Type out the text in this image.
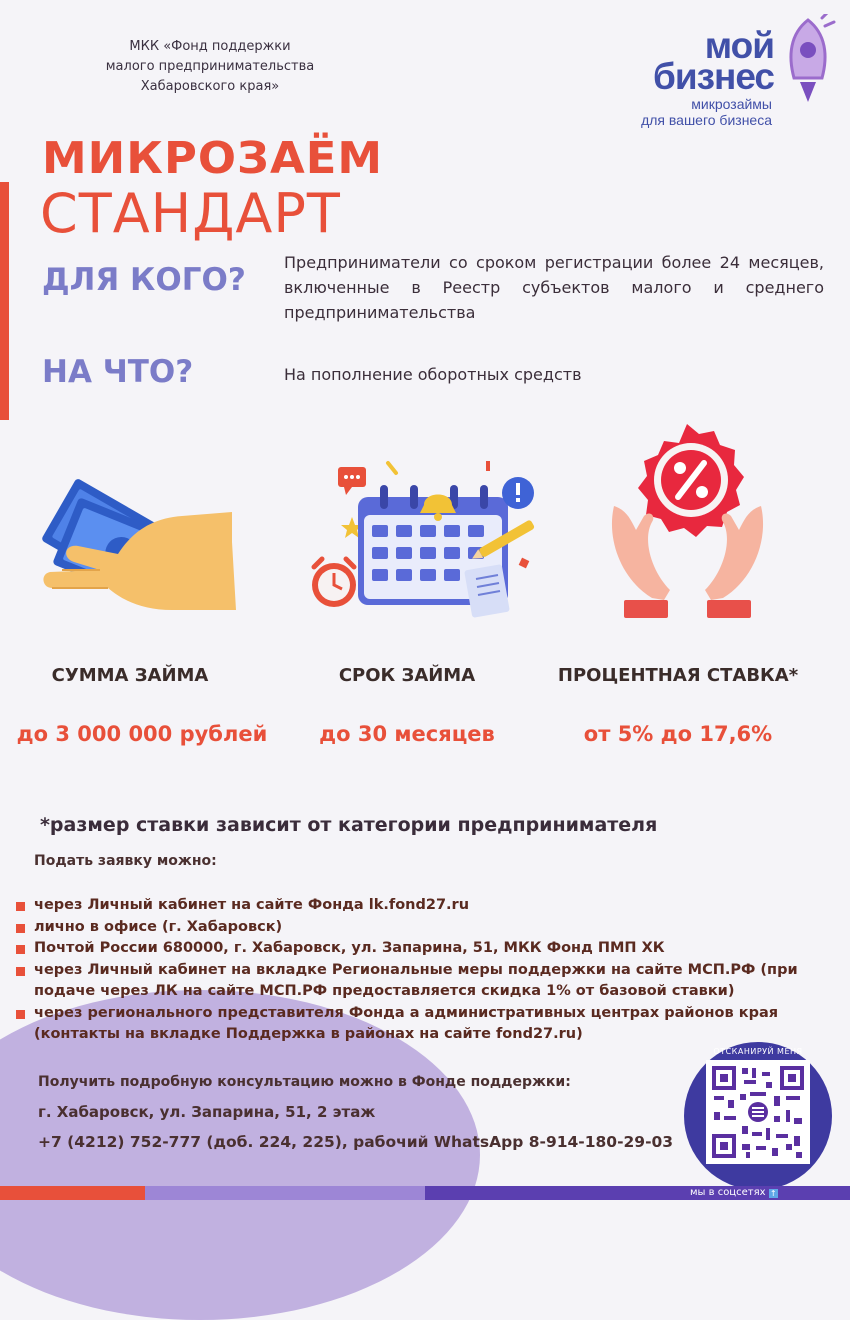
МКК «Фонд поддержки
малого предпринимательства
Хабаровского края»
мой
бизнес
микрозаймы
для вашего бизнеса
МИКРОЗАЁМ
СТАНДАРТ
ДЛЯ КОГО? Предприниматели со сроком регистрации более 24 месяцев, включенные в Реестр субъектов малого и среднего предпринимательства
НА ЧТО?	На пополнение оборотных средств
СУММА ЗАЙМА	СРОК ЗАЙМА	ПРОЦЕНТНАЯ СТАВКА*
до 3 000 000 рублей	до 30 месяцев	от 5% до 17,6%
*размер ставки зависит от категории предпринимателя
Подать заявку можно:
через Личный кабинет на сайте Фонда lk.fond27.ru
лично в офисе (г. Хабаровск)
Почтой России 680000, г. Хабаровск, ул. Запарина, 51, МКК Фонд ПМП ХК
через Личный кабинет на вкладке Региональные меры поддержки на сайте МСП.РФ (при подаче через ЛК на сайте МСП.РФ предоставляется скидка 1% от базовой ставки)
через регионального представителя Фонда а административных центрах районов края (контакты на вкладке Поддержка в районах на сайте fond27.ru)
Получить подробную консультацию можно в Фонде поддержки:
г. Хабаровск, ул. Запарина, 51, 2 этаж
+7 (4212) 752-777 (доб. 224, 225), рабочий WhatsApp 8-914-180-29-03
ОТСКАНИРУЙ МЕНЯ
мы в соцсетях ↑
